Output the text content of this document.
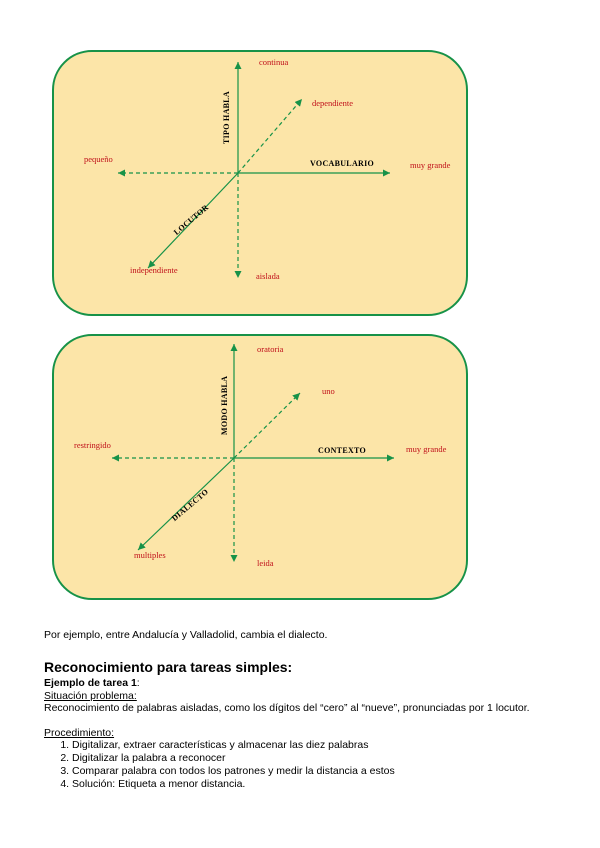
continua
dependiente
pequeño
muy grande
aislada
independiente
TIPO HABLA
VOCABULARIO
LOCUTOR
oratoria
uno
restringido	muy grande
leida
multiples
MODO HABLA
CONTEXTO
DIALECTO
Por ejemplo, entre Andalucía y Valladolid, cambia el dialecto.
Reconocimiento para tareas simples:
Ejemplo de tarea 1:
Situación problema:
Reconocimiento de palabras aisladas, como los dígitos del “cero” al “nueve”, pronunciadas por 1 locutor.
Procedimiento:
1. Digitalizar, extraer características y almacenar las diez palabras
2. Digitalizar la palabra a reconocer
3. Comparar palabra con todos los patrones y medir la distancia a estos
4. Solución: Etiqueta a menor distancia.
